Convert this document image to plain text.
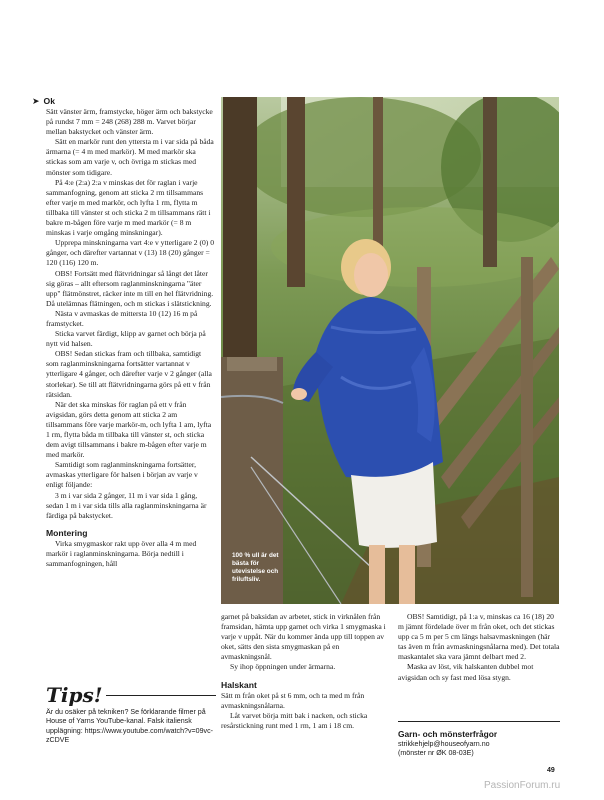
➤ Ok

Sätt vänster ärm, framstycke, höger ärm och bakstycke på rundst 7 mm = 248 (268) 288 m. Varvet börjar mellan bakstycket och vänster ärm.

Sätt en markör runt den yttersta m i var sida på båda ärmarna (= 4 m med markör). M med markör ska stickas som am varje v, och övriga m stickas med mönster som tidigare.

På 4:e (2:a) 2:a v minskas det för raglan i varje sammanfogning, genom att sticka 2 rm tillsammans efter varje m med markör, och lyfta 1 rm, flytta m tillbaka till vänster st och sticka 2 m tillsammans rätt i bakre m-bågen före varje m med markör (= 8 m minskas i varje omgång minskningar).

Upprepa minskningarna vart 4:e v ytterligare 2 (0) 0 gånger, och därefter vartannat v (13) 18 (20) gånger = 120 (116) 120 m.

OBS! Fortsätt med flätvridningar så långt det låter sig göras – allt eftersom raglanminskningarna "äter upp" flätmönstret, räcker inte m till en hel flätvridning. Då utelämnas flätningen, och m stickas i slätstickning.

Nästa v avmaskas de mittersta 10 (12) 16 m på framstycket.

Sticka varvet färdigt, klipp av garnet och börja på nytt vid halsen.

OBS! Sedan stickas fram och tillbaka, samtidigt som raglanminskningarna fortsätter vartannat v ytterligare 4 gånger, och därefter varje v 2 gånger (alla storlekar). Se till att flätvridningarna görs på ett v från rätsidan.

När det ska minskas för raglan på ett v från avigsidan, görs detta genom att sticka 2 am tillsammans före varje markör-m, och lyfta 1 am, lyfta 1 rm, flytta båda m tillbaka till vänster st, och sticka dem avigt tillsammans i bakre m-bågen efter varje m med markör.

Samtidigt som raglanminskningarna fortsätter, avmaskas ytterligare för halsen i början av varje v enligt följande:

3 m i var sida 2 gånger, 11 m i var sida 1 gång, sedan 1 m i var sida tills alla raglanminskningarna är färdiga på bakstycket.

Montering

Virka smygmaskor rakt upp över alla 4 m med markör i raglanminskningarna. Börja nedtill i sammanfogningen, håll

Tips!
Är du osäker på tekniken? Se förklarande filmer på House of Yarns YouTube-kanal. Falsk italiensk upplägning: https://www.youtube.com/watch?v=09vc-zCDVE
100 % ull är det bästa för utevistelse och friluftsliv.

garnet på baksidan av arbetet, stick in virknålen från framsidan, hämta upp garnet och virka 1 smygmaska i varje v uppåt. När du kommer ända upp till toppen av oket, sätts den sista smygmaskan på en avmaskningsnål.

Sy ihop öppningen under ärmarna.

Halskant

Sätt m från oket på st 6 mm, och ta med m från avmaskningsnålarna.

Låt varvet börja mitt bak i nacken, och sticka resårstickning runt med 1 rm, 1 am i 18 cm.

OBS! Samtidigt, på 1:a v, minskas ca 16 (18) 20 m jämnt fördelade över m från oket, och det stickas upp ca 5 m per 5 cm längs halsavmaskningen (här tas även m från avmaskningsnålarna med). Det totala maskantalet ska vara jämnt delbart med 2.

Maska av löst, vik halskanten dubbel mot avigsidan och sy fast med lösa stygn.

Garn- och mönsterfrågor
strikkehjelp@houseofyarn.no
(mönster nr ØK 08-03E)
49
PassionForum.ru
